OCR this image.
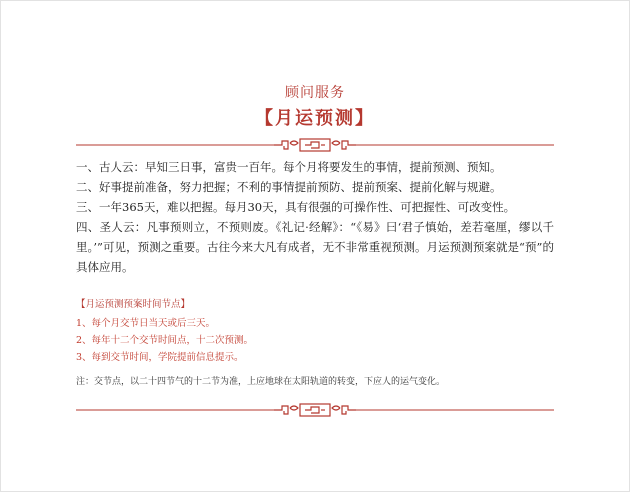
顾问服务
【月运预测】

一、古人云：早知三日事，富贵一百年。每个月将要发生的事情，提前预测、预知。

二、好事提前准备，努力把握；不利的事情提前预防、提前预案、提前化解与规避。

三、一年365天，难以把握。每月30天，具有很强的可操作性、可把握性、可改变性。

四、圣人云：凡事预则立，不预则废。《礼记·经解》：“《易》曰‘君子慎始，差若毫厘，缪以千里。’”可见，预测之重要。古往今来大凡有成者，无不非常重视预测。月运预测预案就是“预”的具体应用。

【月运预测预案时间节点】
1、每个月交节日当天或后三天。
2、每年十二个交节时间点，十二次预测。
3、每到交节时间，学院提前信息提示。
注：交节点，以二十四节气的十二节为准，上应地球在太阳轨道的转变，下应人的运气变化。
